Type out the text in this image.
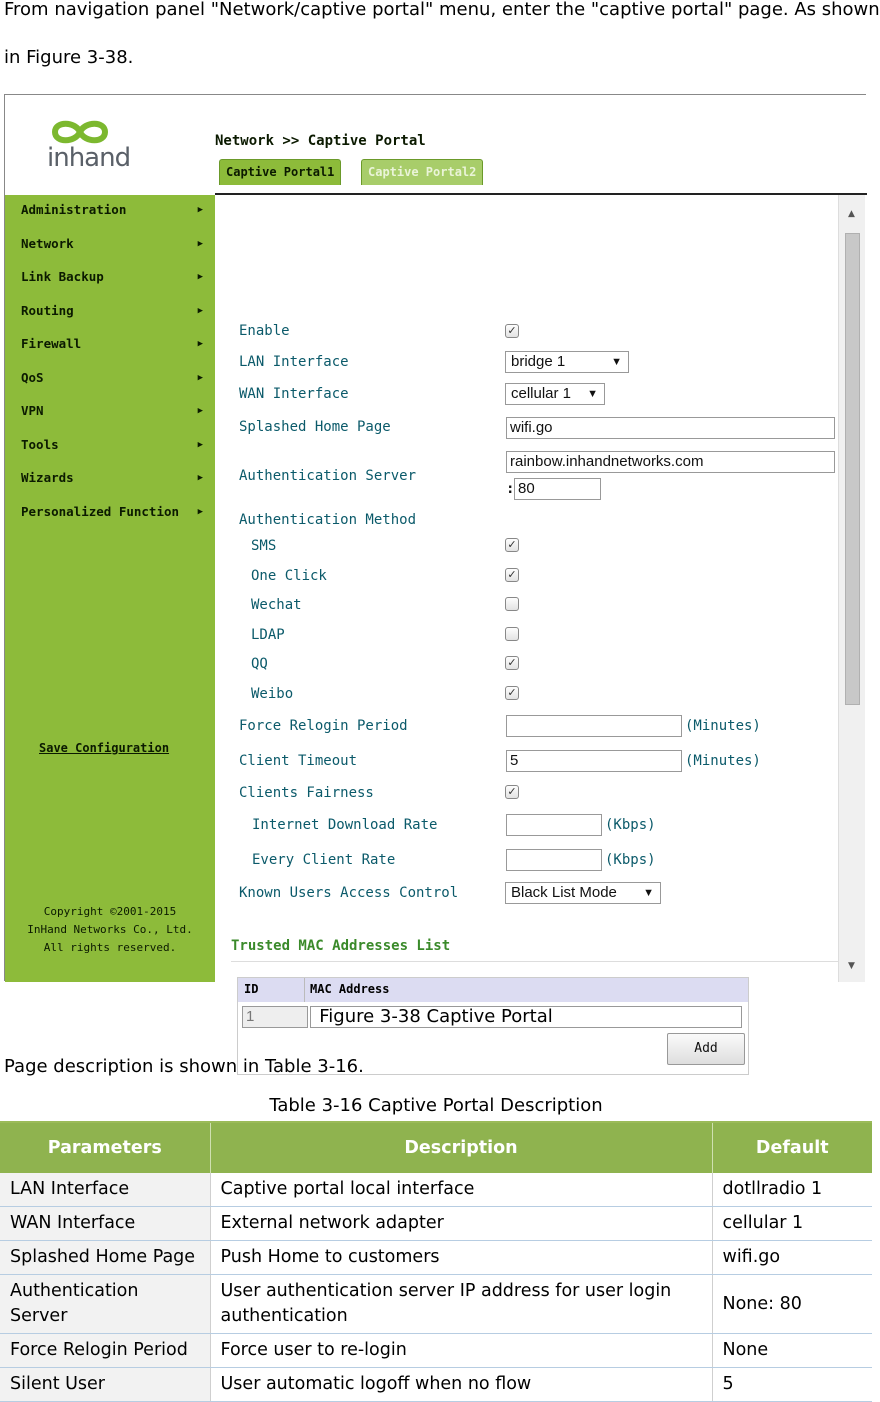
From navigation panel "Network/captive portal" menu, enter the "captive portal" page. As shown
in Figure 3-38.
inhand
Administration	▶
Network	▶
Link Backup	▶
Routing	▶
Firewall	▶
QoS	▶
VPN	▶
Tools	▶
Wizards	▶
Personalized Function ▶
Save Configuration
Copyright ©2001-2015
InHand Networks Co., Ltd.
All rights reserved.
Network >> Captive Portal
Captive Portal1	Captive Portal2
Enable	✓
LAN Interface	bridge 1	▼
WAN Interface	cellular 1 ▼
Splashed Home Page	wifi.go
Authentication Server
rainbow.inhandnetworks.com
: 80
Authentication Method
SMS	✓
One Click	✓
Wechat
LDAP
QQ	✓
Weibo	✓
Force Relogin Period	(Minutes)
Client Timeout	5	(Minutes)
Clients Fairness	✓
Internet Download Rate	(Kbps)
Every Client Rate	(Kbps)
Known Users Access Control	Black List Mode ▼
Trusted MAC Addresses List
ID	MAC Address
1
Add
▲
▼
Figure 3-38 Captive Portal
Page description is shown in Table 3-16.
Table 3-16 Captive Portal Description
Parameters	Description	Default
LAN Interface	Captive portal local interface	dotllradio 1
WAN Interface	External network adapter	cellular 1
Splashed Home Page	Push Home to customers	wifi.go
Authentication Server	User authentication server IP address for user login authentication	None: 80
Force Relogin Period	Force user to re-login	None
Silent User	User automatic logoff when no flow	5
